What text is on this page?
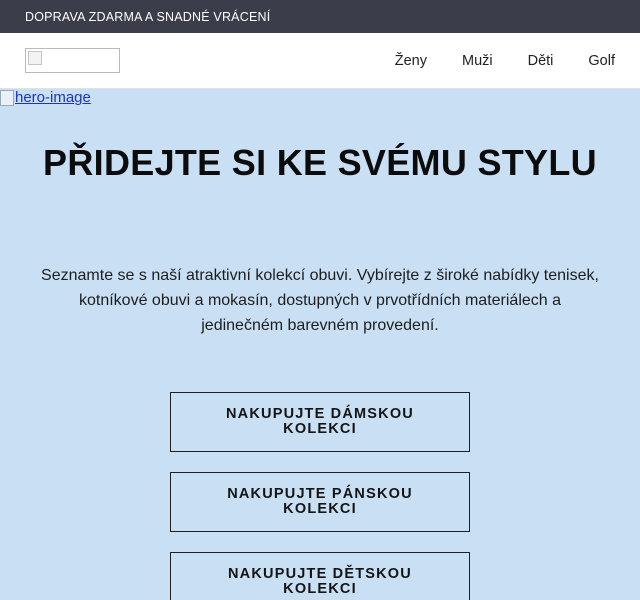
DOPRAVA ZDARMA A SNADNÉ VRÁCENÍ
Ženy Muži Děti Golf
hero-image
PŘIDEJTE SI KE SVÉMU STYLU

Seznamte se s naší atraktivní kolekcí obuvi. Vybírejte z široké nabídky tenisek, kotníkové obuvi a mokasín, dostupných v prvotřídních materiálech a jedinečném barevném provedení.

NAKUPUJTE DÁMSKOU KOLEKCI
NAKUPUJTE PÁNSKOU KOLEKCI
NAKUPUJTE DĚTSKOU KOLEKCI
